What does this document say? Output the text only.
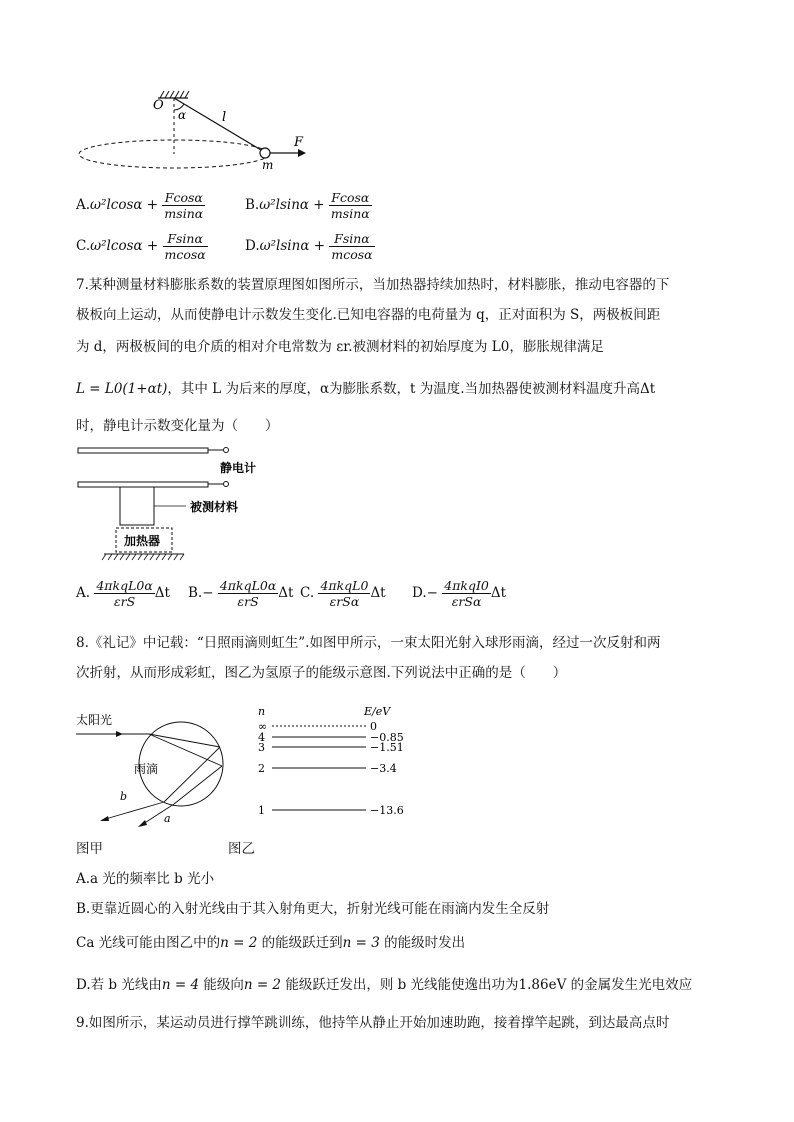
O
α	l
F
m
$A.\omega^2lcos\alpha + \frac{Fcos\alpha}{msin\alpha}$	$B.\omega^2lsin\alpha + \frac{Fcos\alpha}{msin\alpha}$
$C.\omega^2lcos\alpha + \frac{Fsin\alpha}{mcos\alpha}$	$D.\omega^2lsin\alpha + \frac{Fsin\alpha}{mcos\alpha}$
7.某种测量材料膨胀系数的装置原理图如图所示，当加热器持续加热时，材料膨胀，推动电容器的下
极板向上运动，从而使静电计示数发生变化.已知电容器的电荷量为 q，正对面积为 S，两极板间距
为 d，两极板间的电介质的相对介电常数为 εr.被测材料的初始厚度为 L0，膨胀规律满足
L = L0(1+αt)，其中 L 为后来的厚度，α为膨胀系数，t 为温度.当加热器使被测材料温度升高Δt
时，静电计示数变化量为（　　）
静电计
被测材料
加热器
A. $\frac{\text{4πkqL0α}}{\text{εrS}}$ Δt $B.- \frac{\text{4πkqL0α}}{\text{εrS}}$ Δt C. $\frac{\text{4πkqL0}}{\text{εrSα}}$ Δt $D.- \frac{\text{4πkqI0}}{\text{εrSα}}$ Δt
8.《礼记》中记载：“日照雨滴则虹生”.如图甲所示，一束太阳光射入球形雨滴，经过一次反射和两
次折射，从而形成彩虹，图乙为氢原子的能级示意图.下列说法中正确的是（　　）
太阳光
雨滴
b
a
n	E/eV
∞	0
4	−0.85
3	−1.51
2	−3.4
1	−13.6
图甲	图乙
A.a 光的频率比 b 光小
B.更靠近圆心的入射光线由于其入射角更大，折射光线可能在雨滴内发生全反射
Ca 光线可能由图乙中的n = 2 的能级跃迁到n = 3 的能级时发出
D.若 b 光线由n = 4 能级向n = 2 能级跃迁发出，则 b 光线能使逸出功为1.86eV 的金属发生光电效应
9.如图所示，某运动员进行撑竿跳训练，他持竿从静止开始加速助跑，接着撑竿起跳，到达最高点时
